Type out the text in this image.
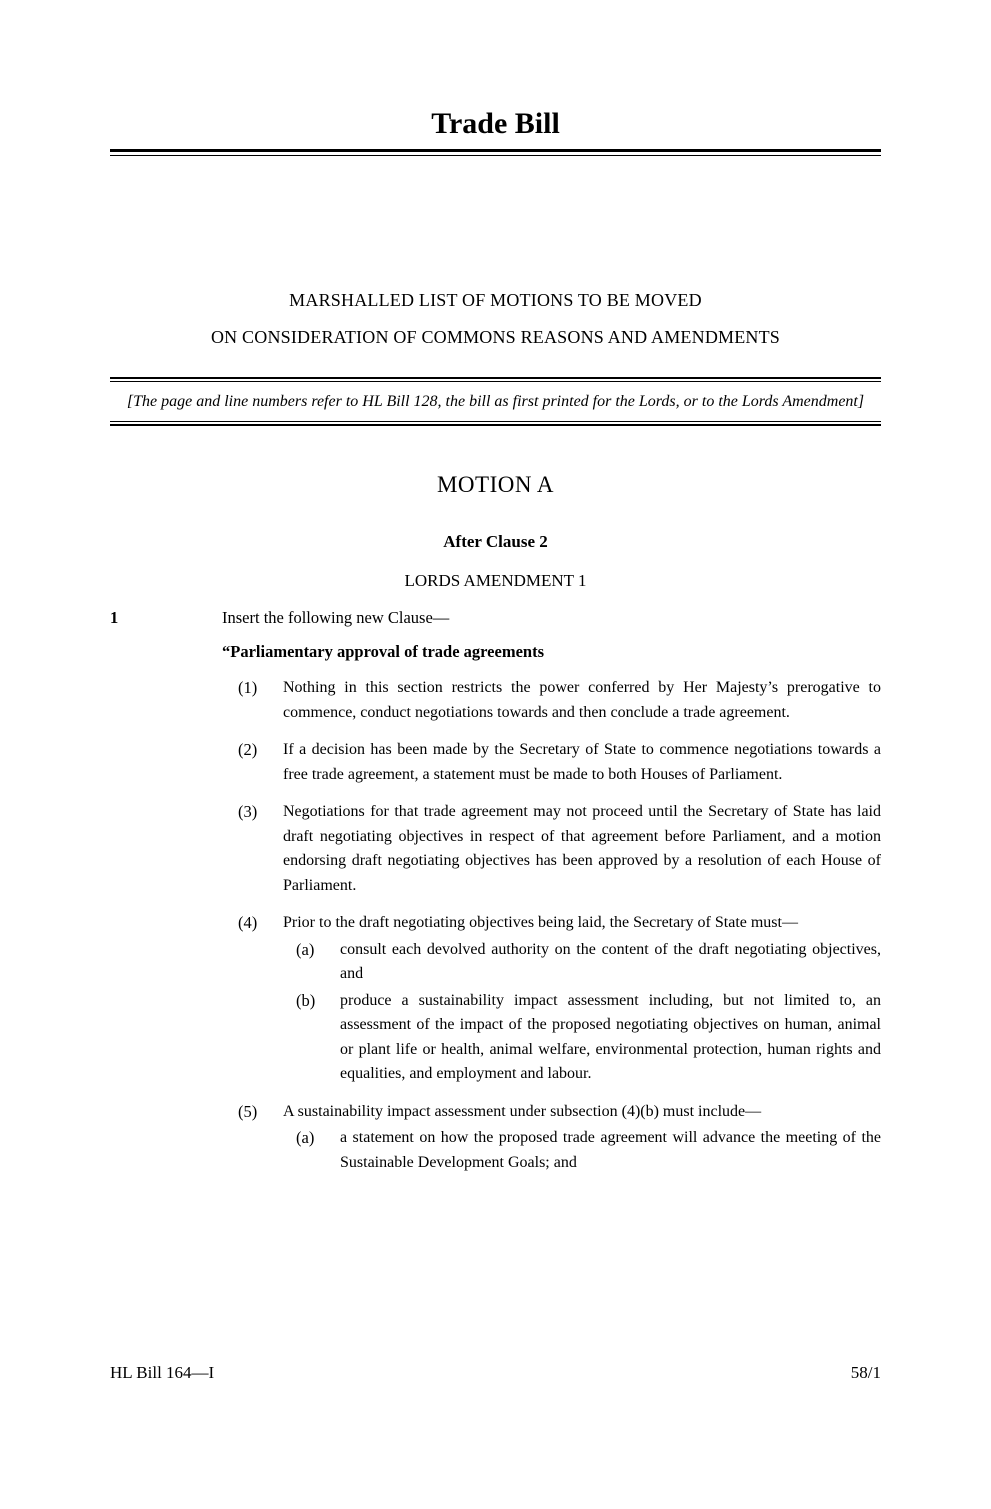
Trade Bill
MARSHALLED LIST OF MOTIONS TO BE MOVED
ON CONSIDERATION OF COMMONS REASONS AND AMENDMENTS
[The page and line numbers refer to HL Bill 128, the bill as first printed for the Lords, or to the Lords Amendment]
MOTION A
After Clause 2
LORDS AMENDMENT 1
1	Insert the following new Clause—
“Parliamentary approval of trade agreements
(1) Nothing in this section restricts the power conferred by Her Majesty’s prerogative to commence, conduct negotiations towards and then conclude a trade agreement.
(2) If a decision has been made by the Secretary of State to commence negotiations towards a free trade agreement, a statement must be made to both Houses of Parliament.
(3) Negotiations for that trade agreement may not proceed until the Secretary of State has laid draft negotiating objectives in respect of that agreement before Parliament, and a motion endorsing draft negotiating objectives has been approved by a resolution of each House of Parliament.
(4) Prior to the draft negotiating objectives being laid, the Secretary of State must—
(a) consult each devolved authority on the content of the draft negotiating objectives, and
(b) produce a sustainability impact assessment including, but not limited to, an assessment of the impact of the proposed negotiating objectives on human, animal or plant life or health, animal welfare, environmental protection, human rights and equalities, and employment and labour.
(5) A sustainability impact assessment under subsection (4)(b) must include—
(a) a statement on how the proposed trade agreement will advance the meeting of the Sustainable Development Goals; and
HL Bill 164—I	58/1
